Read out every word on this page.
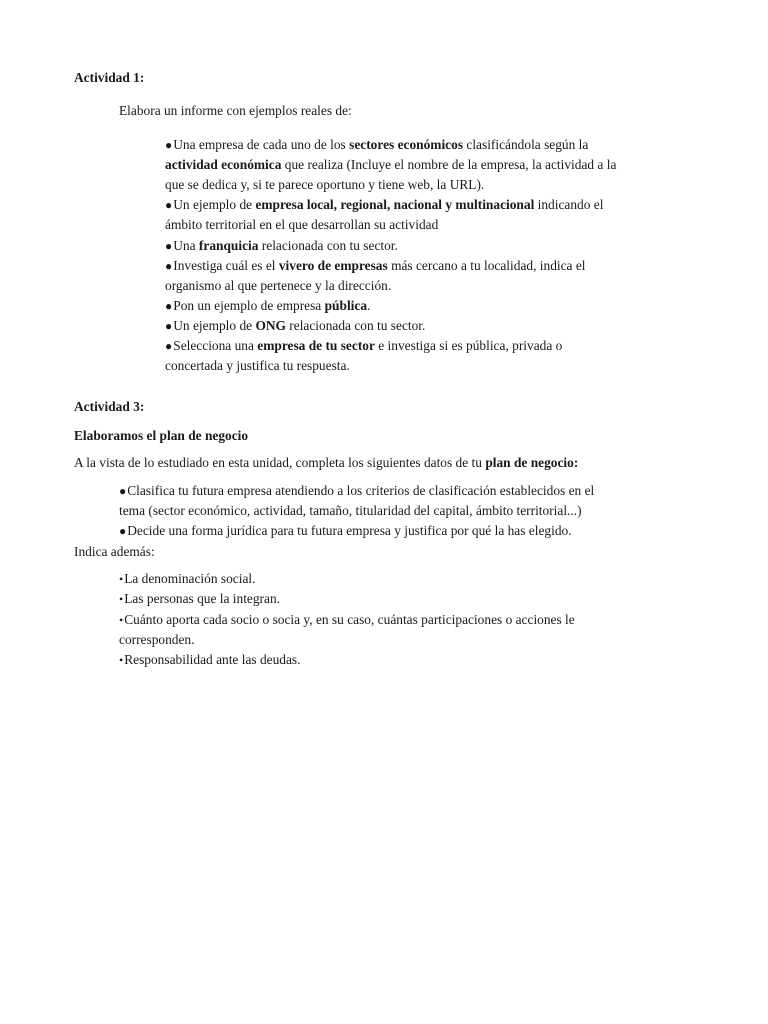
Actividad 1:
Elabora un informe con ejemplos reales de:
●Una empresa de cada uno de los sectores económicos clasificándola según la
actividad económica que realiza (Incluye el nombre de la empresa, la actividad a la
que se dedica y, si te parece oportuno y tiene web, la URL).
●Un ejemplo de empresa local, regional, nacional y multinacional indicando el
ámbito territorial en el que desarrollan su actividad
●Una franquicia relacionada con tu sector.
●Investiga cuál es el vivero de empresas más cercano a tu localidad, indica el
organismo al que pertenece y la dirección.
●Pon un ejemplo de empresa pública.
●Un ejemplo de ONG relacionada con tu sector.
●Selecciona una empresa de tu sector e investiga si es pública, privada o
concertada y justifica tu respuesta.
Actividad 3:
Elaboramos el plan de negocio
A la vista de lo estudiado en esta unidad, completa los siguientes datos de tu plan de negocio:
●Clasifica tu futura empresa atendiendo a los criterios de clasificación establecidos en el
tema (sector económico, actividad, tamaño, titularidad del capital, ámbito territorial...)
●Decide una forma jurídica para tu futura empresa y justifica por qué la has elegido.
Indica además:
•La denominación social.
•Las personas que la integran.
•Cuánto aporta cada socio o socia y, en su caso, cuántas participaciones o acciones le
corresponden.
•Responsabilidad ante las deudas.
